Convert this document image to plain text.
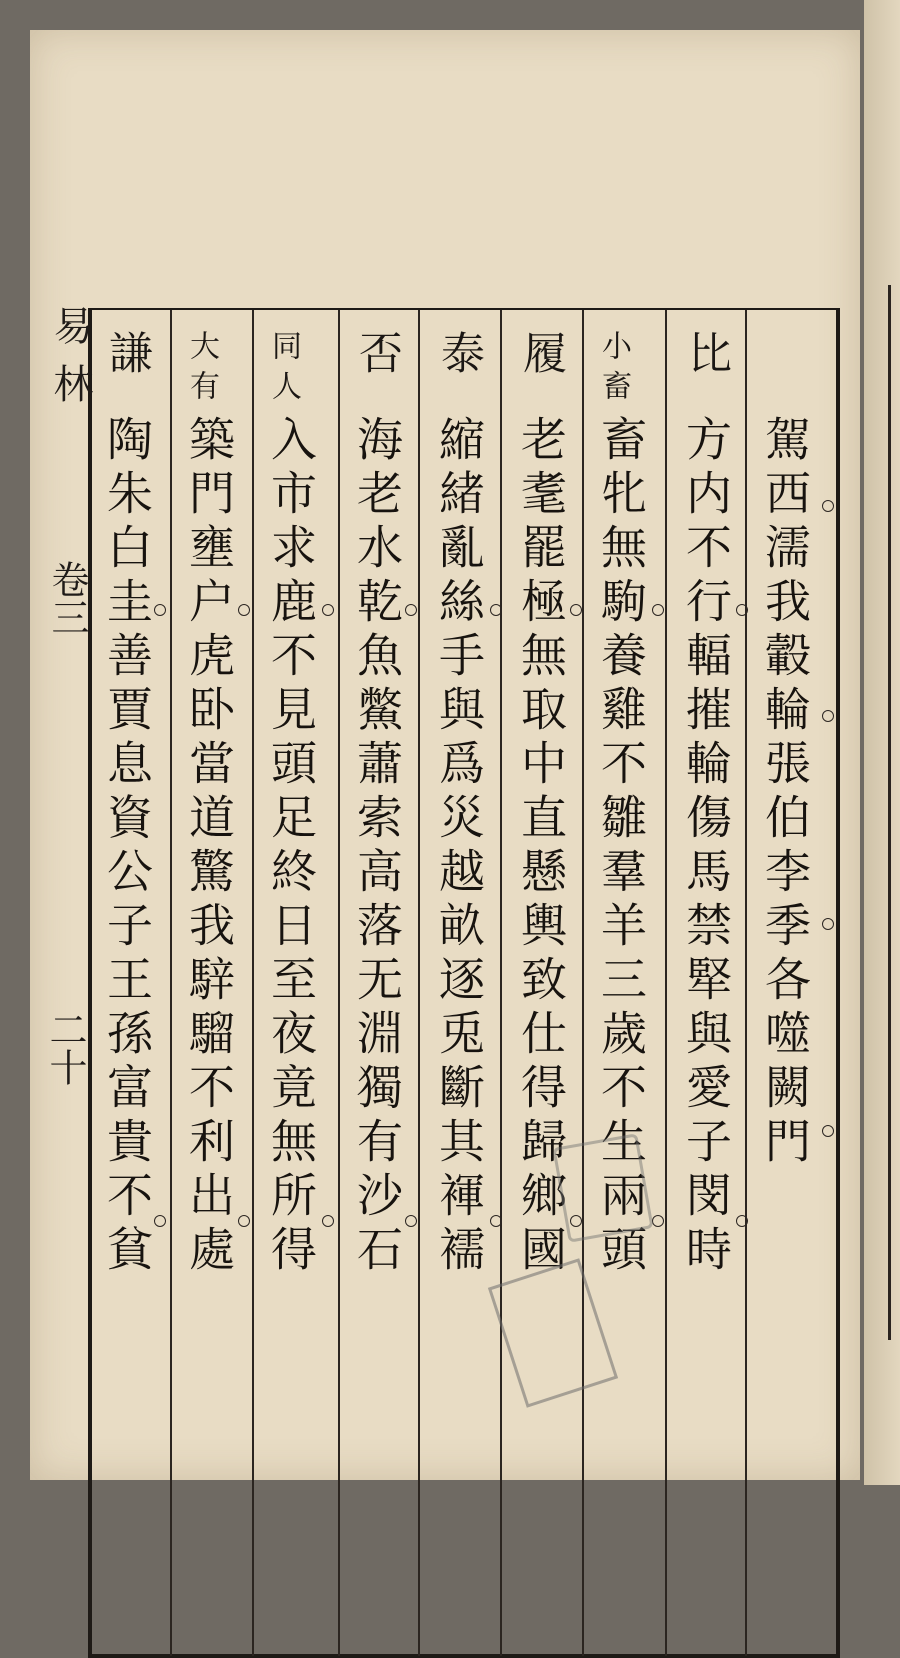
易林
卷三
二十	駕西濡我轂輪張伯李季各噬闕門
比
方内不行輻摧輪傷馬禁㹂與愛子閔時
小畜
畜牝無駒養雞不雛羣羊三歲不生兩頭
履
老耄罷極無取中直懸輿致仕得歸鄉國
泰
縮緒亂絲手與爲災越畝逐兎斷其褌襦
否
海老水乾魚鱉蕭索高落无淵獨有沙石
同人
入市求鹿不見頭足終日至夜竟無所得
大有
築門壅户虎卧當道驚我騂騮不利出處
謙
陶朱白圭善賈息資公子王孫富貴不貧
